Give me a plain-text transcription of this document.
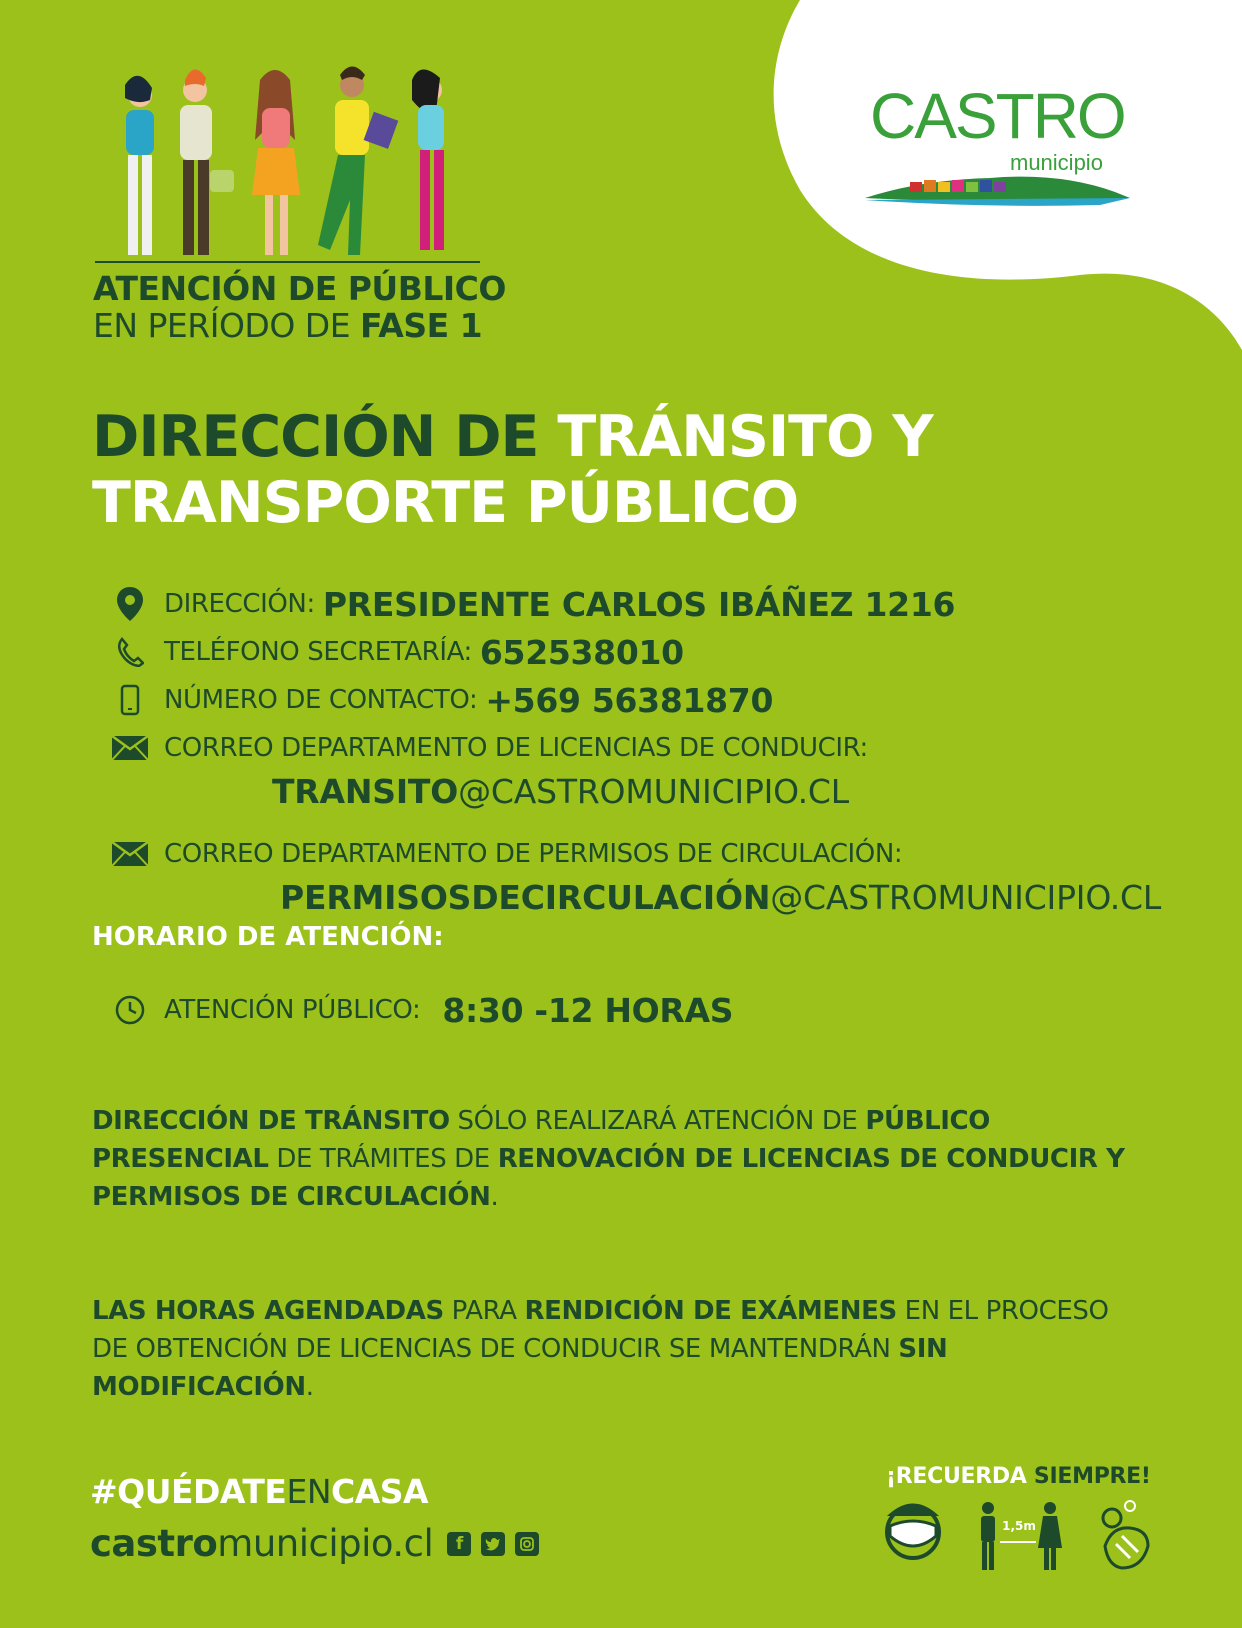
ATENCIÓN DE PÚBLICO
EN PERÍODO DE FASE 1
CASTRO
municipio
DIRECCIÓN DE TRÁNSITO Y
TRANSPORTE PÚBLICO
DIRECCIÓN: PRESIDENTE CARLOS IBÁÑEZ 1216
TELÉFONO SECRETARÍA: 652538010
NÚMERO DE CONTACTO: +569 56381870
CORREO DEPARTAMENTO DE LICENCIAS DE CONDUCIR:
TRANSITO@CASTROMUNICIPIO.CL
CORREO DEPARTAMENTO DE PERMISOS DE CIRCULACIÓN:
PERMISOSDECIRCULACIÓN@CASTROMUNICIPIO.CL
HORARIO DE ATENCIÓN:
ATENCIÓN PÚBLICO: 8:30 -12 HORAS
DIRECCIÓN DE TRÁNSITO SÓLO REALIZARÁ ATENCIÓN DE PÚBLICO PRESENCIAL DE TRÁMITES DE RENOVACIÓN DE LICENCIAS DE CONDUCIR Y PERMISOS DE CIRCULACIÓN.
LAS HORAS AGENDADAS PARA RENDICIÓN DE EXÁMENES EN EL PROCESO DE OBTENCIÓN DE LICENCIAS DE CONDUCIR SE MANTENDRÁN SIN MODIFICACIÓN.
#QUÉDATEENCASA
castro municipio.cl	f
¡RECUERDA SIEMPRE!
1,5m
